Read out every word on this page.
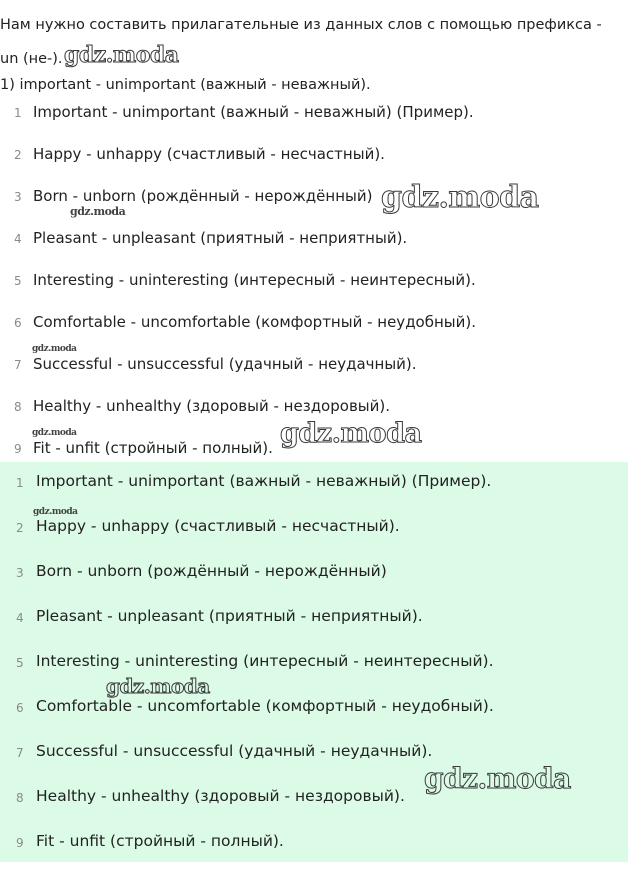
Нам нужно составить прилагательные из данных слов с помощью префикса -

un (не-).

1) important - unimportant (важный - неважный).

1 Important - unimportant (важный - неважный) (Пример).
2 Happy - unhappy (счастливый - несчастный).
3 Born - unborn (рождённый - нерождённый)
4 Pleasant - unpleasant (приятный - неприятный).
5 Interesting - uninteresting (интересный - неинтересный).
6 Comfortable - uncomfortable (комфортный - неудобный).
7 Successful - unsuccessful (удачный - неудачный).
8 Healthy - unhealthy (здоровый - нездоровый).
9 Fit - unfit (стройный - полный).
1 Important - unimportant (важный - неважный) (Пример).
2 Happy - unhappy (счастливый - несчастный).
3 Born - unborn (рождённый - нерождённый)
4 Pleasant - unpleasant (приятный - неприятный).
5 Interesting - uninteresting (интересный - неинтересный).
6 Comfortable - uncomfortable (комфортный - неудобный).
7 Successful - unsuccessful (удачный - неудачный).
8 Healthy - unhealthy (здоровый - нездоровый).
9 Fit - unfit (стройный - полный).
gdz.moda
gdz.moda
gdz.moda
gdz.moda
gdz.moda	gdz.moda
gdz.moda
gdz.moda
gdz.moda
